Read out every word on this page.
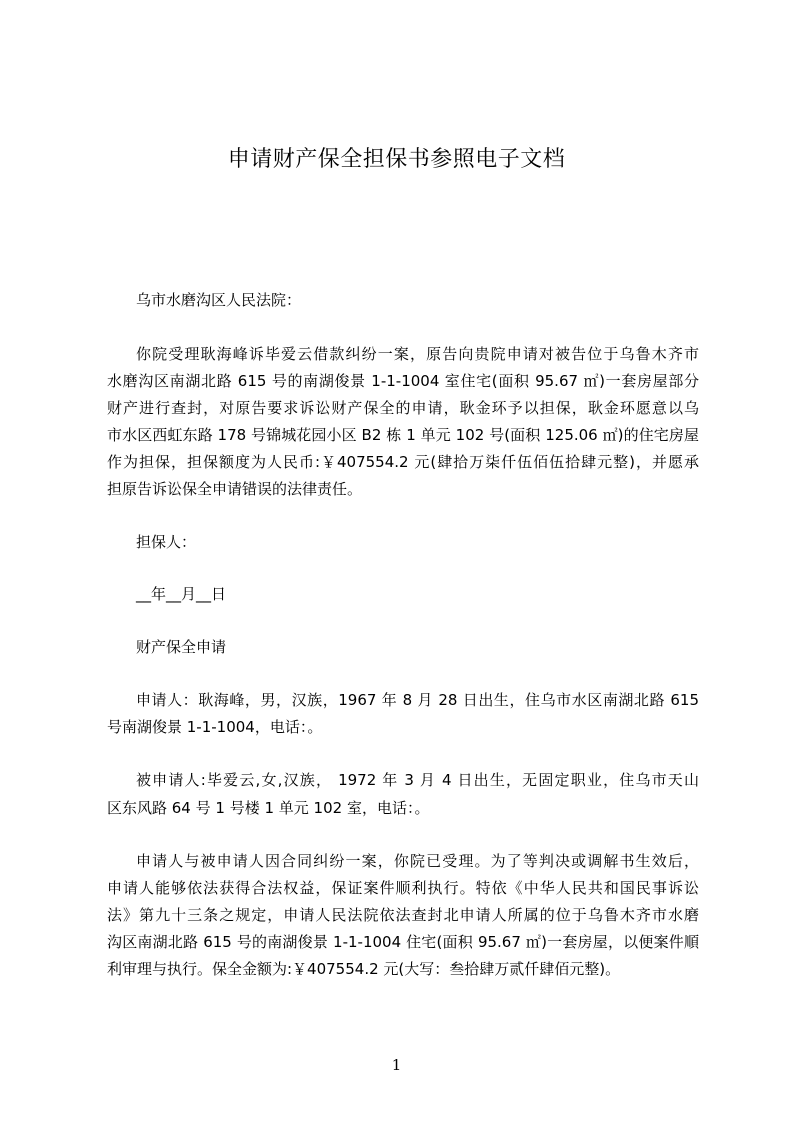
申请财产保全担保书参照电子文档
乌市水磨沟区人民法院：
你院受理耿海峰诉毕爱云借款纠纷一案，原告向贵院申请对被告位于乌鲁木齐市
水磨沟区南湖北路 615 号的南湖俊景 1-1-1004 室住宅(面积 95.67 ㎡)一套房屋部分
财产进行查封，对原告要求诉讼财产保全的申请，耿金环予以担保，耿金环愿意以乌
市水区西虹东路 178 号锦城花园小区 B2 栋 1 单元 102 号(面积 125.06 ㎡)的住宅房屋
作为担保，担保额度为人民币:￥407554.2 元(肆拾万柒仟伍佰伍拾肆元整)，并愿承
担原告诉讼保全申请错误的法律责任。
担保人：
__年__月__日
财产保全申请
申请人：耿海峰，男，汉族，1967 年 8 月 28 日出生，住乌市水区南湖北路 615
号南湖俊景 1-1-1004，电话：。
被申请人:毕爱云,女,汉族， 1972 年 3 月 4 日出生，无固定职业，住乌市天山
区东风路 64 号 1 号楼 1 单元 102 室，电话：。
申请人与被申请人因合同纠纷一案，你院已受理。为了等判决或调解书生效后，
申请人能够依法获得合法权益，保证案件顺利执行。特依《中华人民共和国民事诉讼
法》第九十三条之规定，申请人民法院依法查封北申请人所属的位于乌鲁木齐市水磨
沟区南湖北路 615 号的南湖俊景 1-1-1004 住宅(面积 95.67 ㎡)一套房屋，以便案件順
利审理与执行。保全金额为:￥407554.2 元(大写：叁拾肆万贰仟肆佰元整)。
1
